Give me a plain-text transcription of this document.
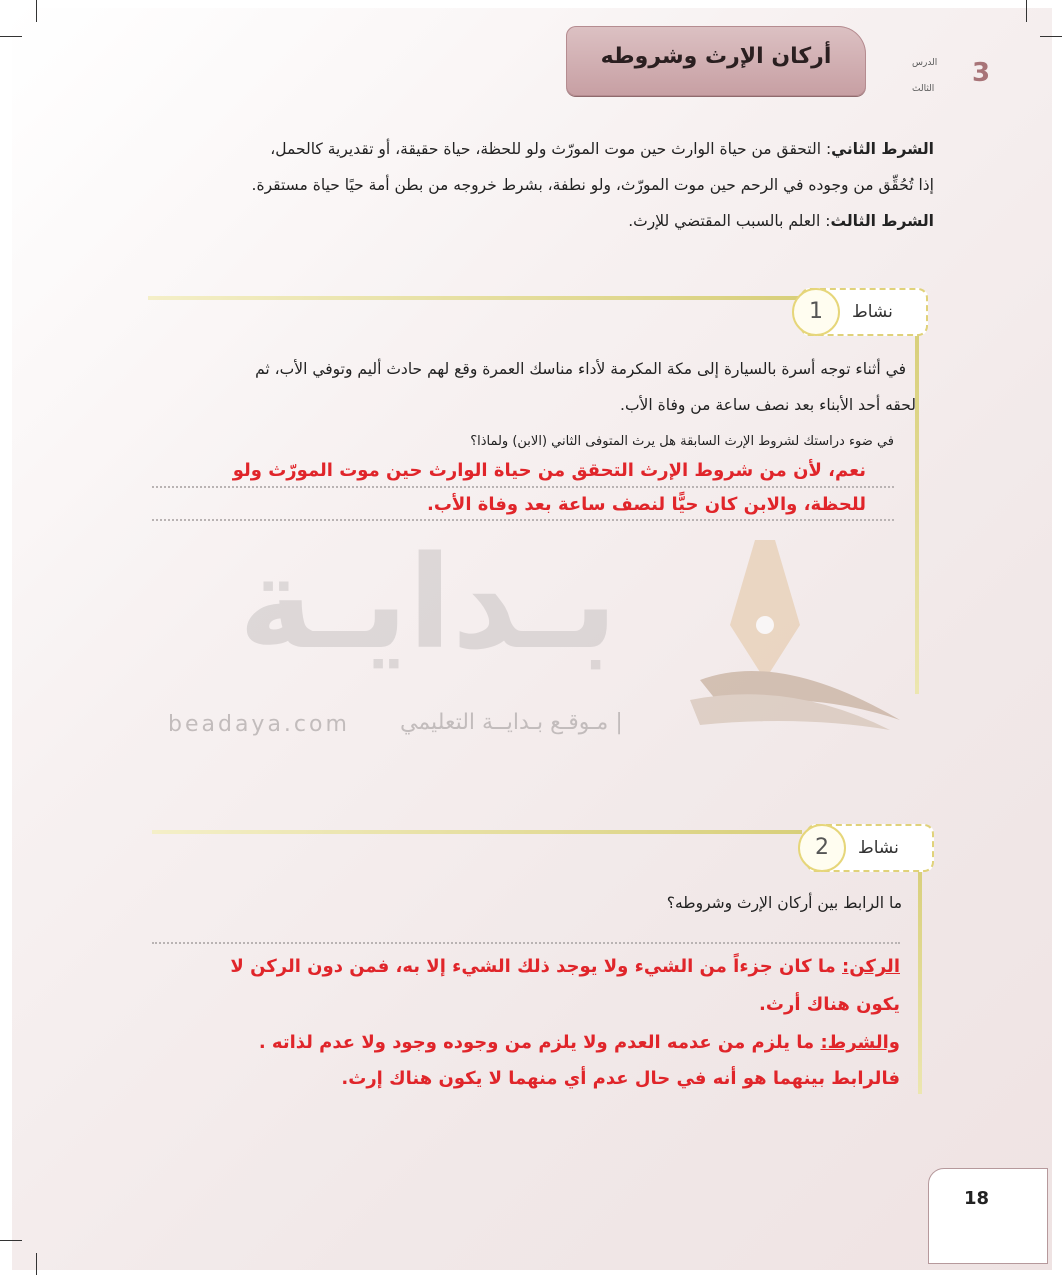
أركان الإرث وشروطه
3
الدرس
الثالث
الشرط الثاني: التحقق من حياة الوارث حين موت المورّث ولو للحظة، حياة حقيقة، أو تقديرية كالحمل،
إذا تُحُقِّق من وجوده في الرحم حين موت المورّث، ولو نطفة، بشرط خروجه من بطن أمة حيًا حياة مستقرة.
الشرط الثالث: العلم بالسبب المقتضي للإرث.
بـدايـة
beadaya.com | مـوقـع بـدايــة التعليمي
نشاط
1
في أثناء توجه أسرة بالسيارة إلى مكة المكرمة لأداء مناسك العمرة وقع لهم حادث أليم وتوفي الأب، ثم
لحقه أحد الأبناء بعد نصف ساعة من وفاة الأب.
في ضوء دراستك لشروط الإرث السابقة هل يرث المتوفى الثاني (الابن) ولماذا؟
نعم، لأن من شروط الإرث التحقق من حياة الوارث حين موت المورّث ولو
للحظة، والابن كان حيًّا لنصف ساعة بعد وفاة الأب.
نشاط
2
ما الرابط بين أركان الإرث وشروطه؟
الركن: ما كان جزءاً من الشيء ولا يوجد ذلك الشيء إلا به، فمن دون الركن لا
يكون هناك أرث.
والشرط: ما يلزم من عدمه العدم ولا يلزم من وجوده وجود ولا عدم لذاته .
فالرابط بينهما هو أنه في حال عدم أي منهما لا يكون هناك إرث.
18
